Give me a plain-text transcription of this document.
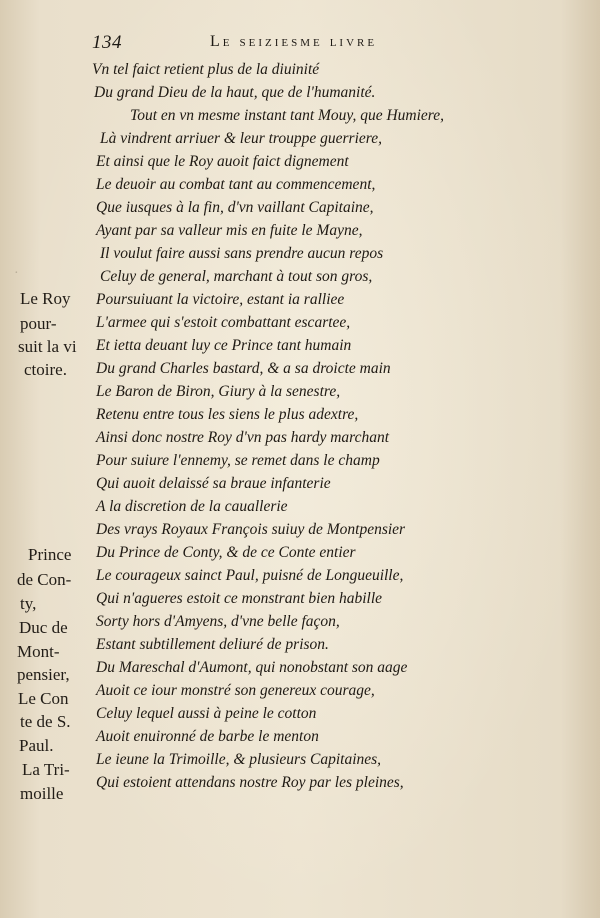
134	Le seiziesme livre
·
Vn tel faict retient plus de la diuinité
Du grand Dieu de la haut, que de l'humanité.
Tout en vn mesme instant tant Mouy, que Humiere,
Là vindrent arriuer & leur trouppe guerriere,
Et ainsi que le Roy auoit faict dignement
Le deuoir au combat tant au commencement,
Que iusques à la fin, d'vn vaillant Capitaine,
Ayant par sa valleur mis en fuite le Mayne,
Il voulut faire aussi sans prendre aucun repos
Celuy de general, marchant à tout son gros,
Poursuiuant la victoire, estant ia ralliee
L'armee qui s'estoit combattant escartee,
Et ietta deuant luy ce Prince tant humain
Du grand Charles bastard, & a sa droicte main
Le Baron de Biron, Giury à la senestre,
Retenu entre tous les siens le plus adextre,
Ainsi donc nostre Roy d'vn pas hardy marchant
Pour suiure l'ennemy, se remet dans le champ
Qui auoit delaissé sa braue infanterie
A la discretion de la cauallerie
Des vrays Royaux François suiuy de Montpensier
Du Prince de Conty, & de ce Conte entier
Le courageux sainct Paul, puisné de Longueuille,
Qui n'agueres estoit ce monstrant bien habille
Sorty hors d'Amyens, d'vne belle façon,
Estant subtillement deliuré de prison.
Du Mareschal d'Aumont, qui nonobstant son aage
Auoit ce iour monstré son genereux courage,
Celuy lequel aussi à peine le cotton
Auoit enuironné de barbe le menton
Le ieune la Trimoille, & plusieurs Capitaines,
Qui estoient attendans nostre Roy par les pleines,
Le Roy
pour-
suit la vi
ctoire.
Prince
de Con-
ty,
Duc de
Mont-
pensier,
Le Con
te de S.
Paul.
La Tri-
moille
